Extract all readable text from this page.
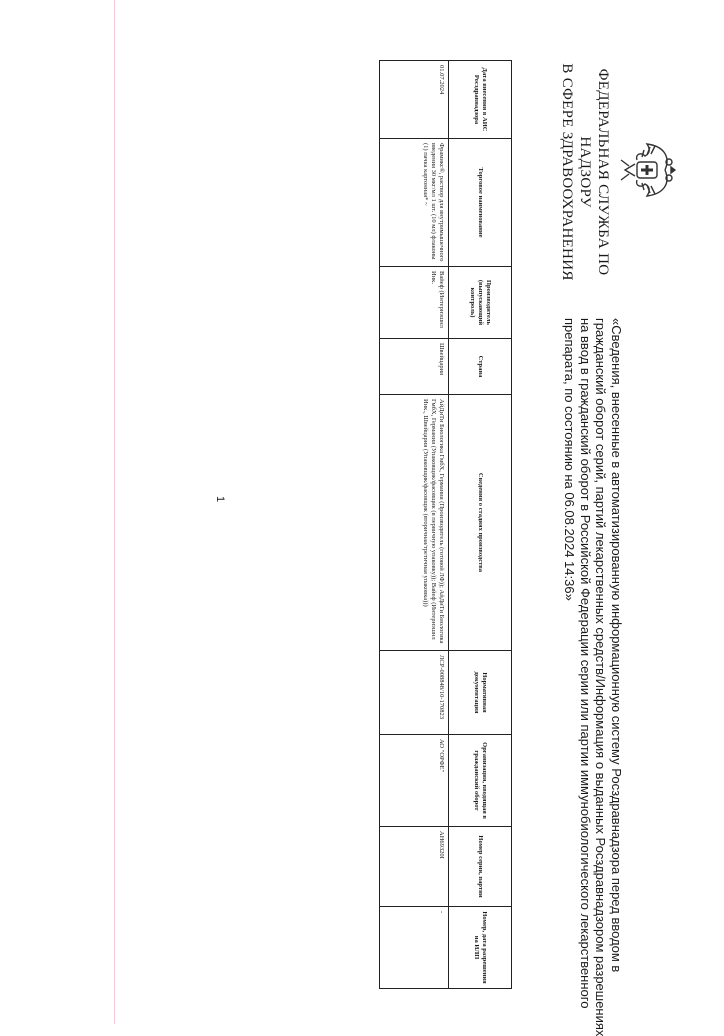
ФЕДЕРАЛЬНАЯ СЛУЖБА ПО НАДЗОРУ
В СФЕРЕ ЗДРАВООХРАНЕНИЯ
«Сведения, внесенные в автоматизированную информационную систему Росздравнадзора перед вводом в
гражданский оборот серий, партий лекарственных средств/Информация о выданных Росздравнадзором разрешениях
на ввод в гражданский оборот в Российской Федерации серии или партии иммунобиологического лекарственного
препарата, по состоянию на 06.08.2024 14:36»
Дата внесения в АИС Росздравнадзора	Торговое наименование	Производитель (выпускающий контроль)	Страна	Сведения о стадиях производства	Нормативная документация	Организация, вводящая в гражданский оборот	Номер серии, партии	Номер, дата разрешения на ИЛП
01.07.2024	Фрамикс®, раствор для внутримышечного введения 30 мкг/мл 1 шт. (10 мл) флаконы (1) пачка картонная* ~	Вайеф (Интернэшнл Инк.	Швейцария	АйДиТи Биологика ГмбХ, Германия (Производитель (готовой ЛФ)); АйДиТи Биологика ГмбХ, Германия (Упаковщик/фасовщик (в первичную упаковку)); Вайеф (Интернэшнл Инк., Швейцария (Упаковщик/фасовщик (вторичная/третичная упаковка)))	ЛСР-008848/10-170823	АО "ОРФЕ"	АН69320I	-
1
